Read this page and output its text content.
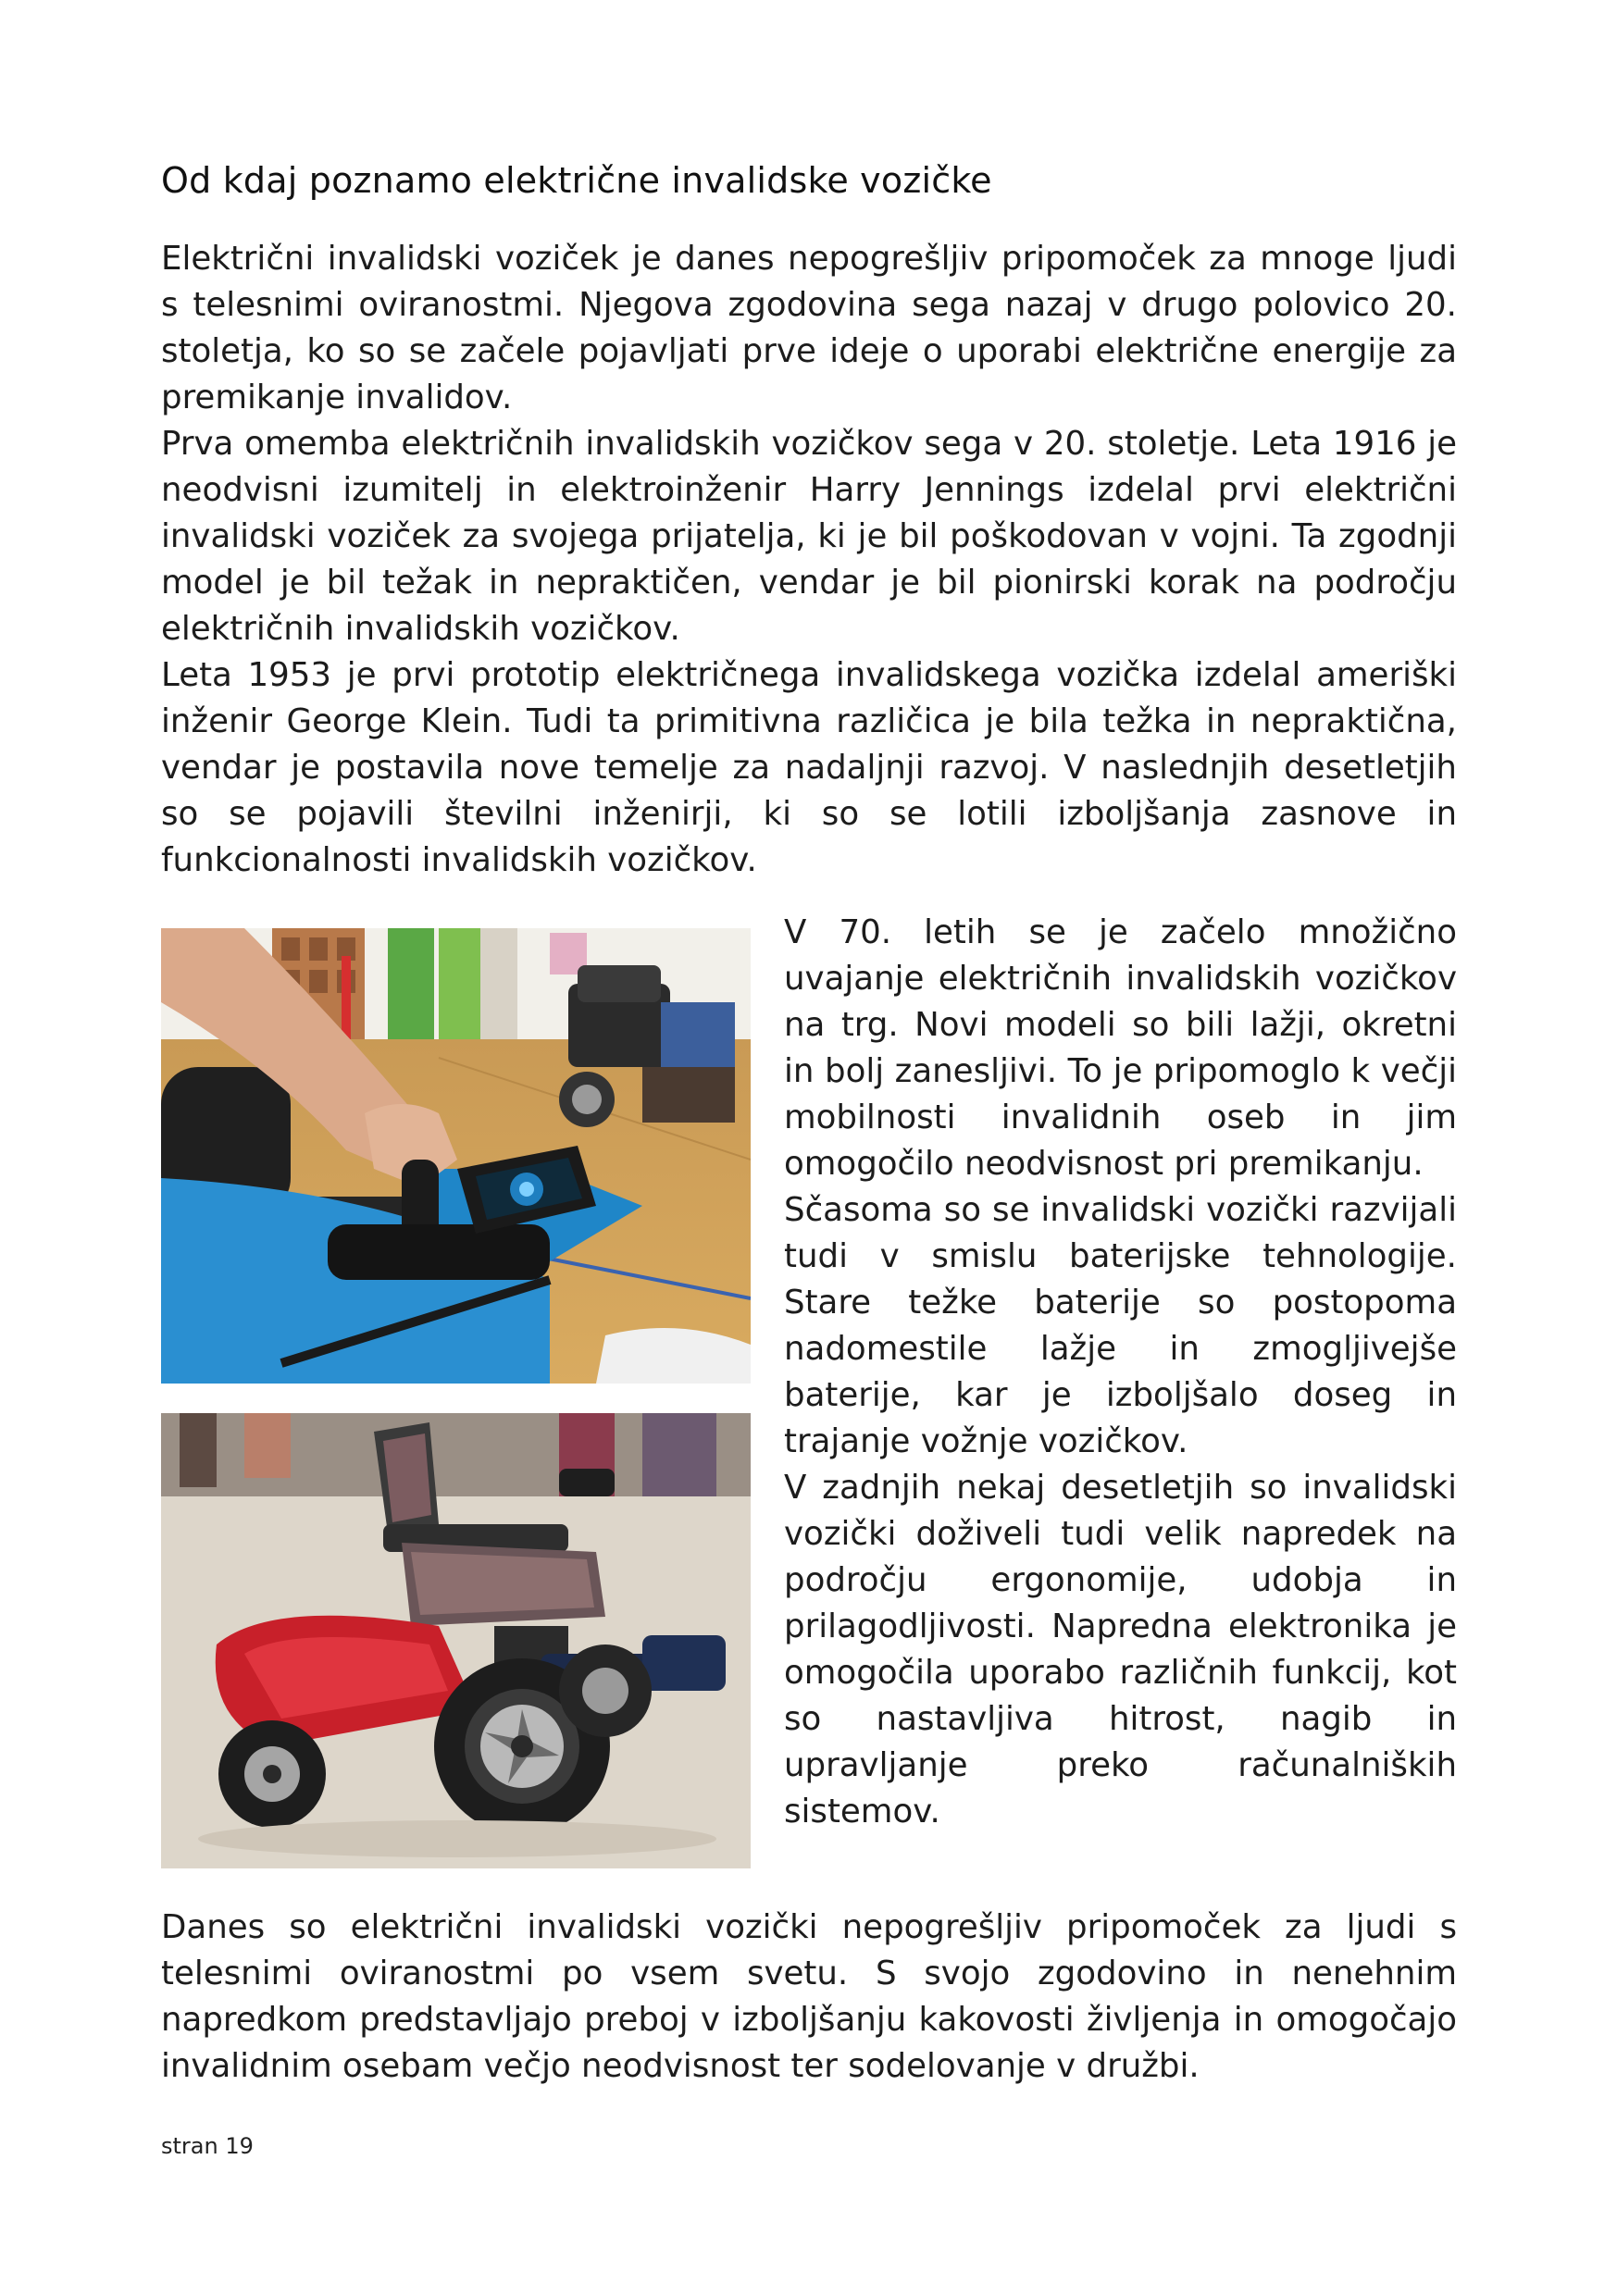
Od kdaj poznamo električne invalidske vozičke

Električni invalidski voziček je danes nepogrešljiv pripomoček za mnoge ljudi s telesnimi oviranostmi. Njegova zgodovina sega nazaj v drugo polovico 20. stoletja, ko so se začele pojavljati prve ideje o uporabi električne energije za premikanje invalidov.

Prva omemba električnih invalidskih vozičkov sega v 20. stoletje. Leta 1916 je neodvisni izumitelj in elektroinženir Harry Jennings izdelal prvi električni invalidski voziček za svojega prijatelja, ki je bil poškodovan v vojni. Ta zgodnji model je bil težak in nepraktičen, vendar je bil pionirski korak na področju električnih invalidskih vozičkov.

Leta 1953 je prvi prototip električnega invalidskega vozička izdelal ameriški inženir George Klein. Tudi ta primitivna različica je bila težka in nepraktična, vendar je postavila nove temelje za nadaljnji razvoj. V naslednjih desetletjih so se pojavili številni inženirji, ki so se lotili izboljšanja zasnove in funkcionalnosti invalidskih vozičkov.

V 70. letih se je začelo množično uvajanje električnih invalidskih vozičkov na trg. Novi modeli so bili lažji, okretni in bolj zanesljivi. To je pripomoglo k večji mobilnosti invalidnih oseb in jim omogočilo neodvisnost pri premikanju.

Sčasoma so se invalidski vozički razvijali tudi v smislu baterijske tehnologije. Stare težke baterije so postopoma nadomestile lažje in zmogljivejše baterije, kar je izboljšalo doseg in trajanje vožnje vozičkov.

V zadnjih nekaj desetletjih so invalidski vozički doživeli tudi velik napredek na področju ergonomije, udobja in prilagodljivosti. Napredna elektronika je omogočila uporabo različnih funkcij, kot so nastavljiva hitrost, nagib in upravljanje preko računalniških sistemov.

Danes so električni invalidski vozički nepogrešljiv pripomoček za ljudi s telesnimi oviranostmi po vsem svetu. S svojo zgodovino in nenehnim napredkom predstavljajo preboj v izboljšanju kakovosti življenja in omogočajo invalidnim osebam večjo neodvisnost ter sodelovanje v družbi.

stran 19
